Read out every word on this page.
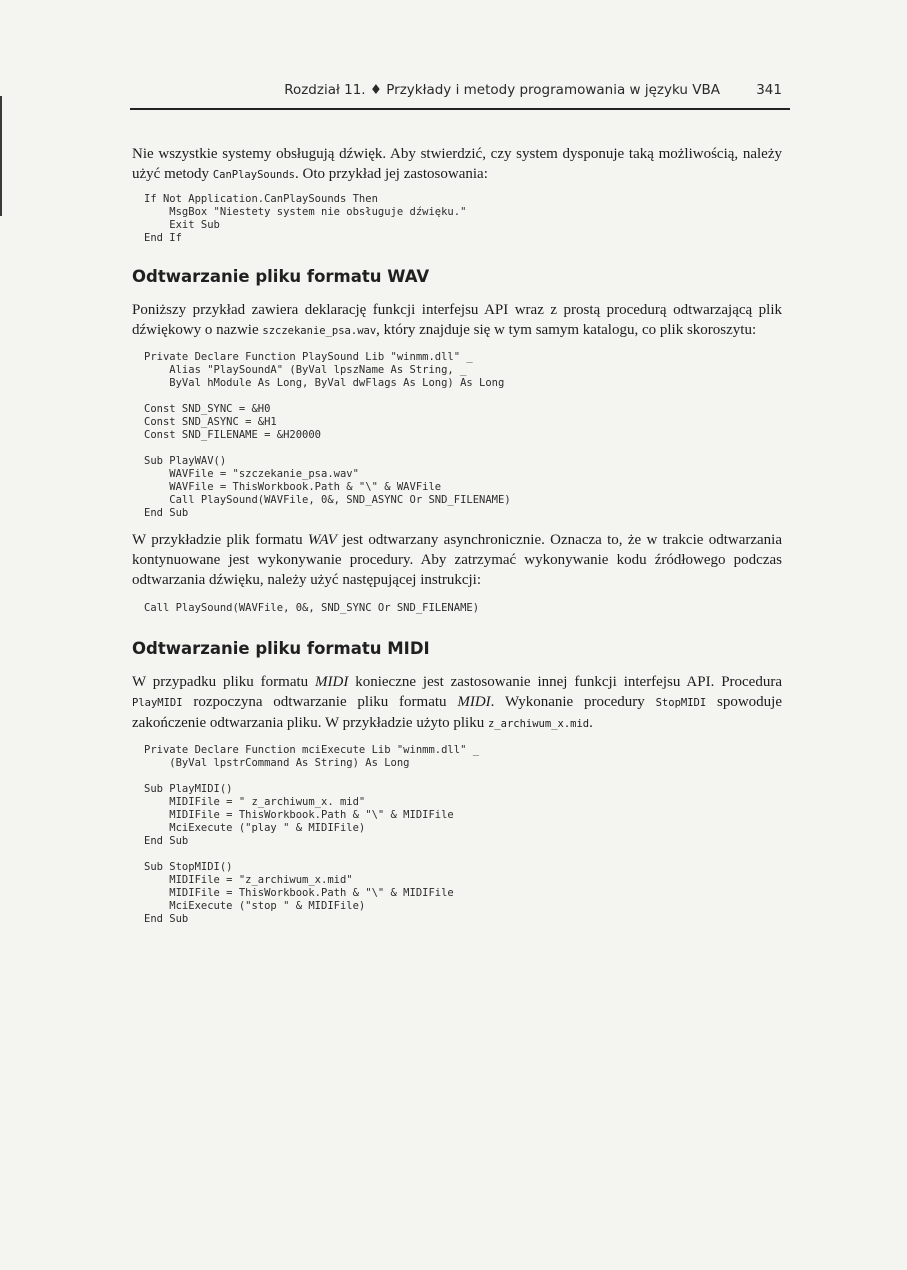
Rozdział 11. ♦ Przykłady i metody programowania w języku VBA	341

Nie wszystkie systemy obsługują dźwięk. Aby stwierdzić, czy system dysponuje taką możliwością, należy użyć metody CanPlaySounds. Oto przykład jej zastosowania:

If Not Application.CanPlaySounds Then
MsgBox "Niestety system nie obsługuje dźwięku."
Exit Sub
End If
Odtwarzanie pliku formatu WAV

Poniższy przykład zawiera deklarację funkcji interfejsu API wraz z prostą procedurą odtwarzającą plik dźwiękowy o nazwie szczekanie_psa.wav, który znajduje się w tym samym katalogu, co plik skoroszytu:

Private Declare Function PlaySound Lib "winmm.dll" _
Alias "PlaySoundA" (ByVal lpszName As String, _
ByVal hModule As Long, ByVal dwFlags As Long) As Long
Const SND_SYNC = &H0
Const SND_ASYNC = &H1
Const SND_FILENAME = &H20000
Sub PlayWAV()
WAVFile = "szczekanie_psa.wav"
WAVFile = ThisWorkbook.Path & "\" & WAVFile
Call PlaySound(WAVFile, 0&, SND_ASYNC Or SND_FILENAME)
End Sub

W przykładzie plik formatu WAV jest odtwarzany asynchronicznie. Oznacza to, że w trakcie odtwarzania kontynuowane jest wykonywanie procedury. Aby zatrzymać wykonywanie kodu źródłowego podczas odtwarzania dźwięku, należy użyć następującej instrukcji:

Call PlaySound(WAVFile, 0&, SND_SYNC Or SND_FILENAME)
Odtwarzanie pliku formatu MIDI

W przypadku pliku formatu MIDI konieczne jest zastosowanie innej funkcji interfejsu API. Procedura PlayMIDI rozpoczyna odtwarzanie pliku formatu MIDI. Wykonanie procedury StopMIDI spowoduje zakończenie odtwarzania pliku. W przykładzie użyto pliku z_archiwum_x.mid.

Private Declare Function mciExecute Lib "winmm.dll" _
(ByVal lpstrCommand As String) As Long
Sub PlayMIDI()
MIDIFile = " z_archiwum_x. mid"
MIDIFile = ThisWorkbook.Path & "\" & MIDIFile
MciExecute ("play " & MIDIFile)
End Sub
Sub StopMIDI()
MIDIFile = "z_archiwum_x.mid"
MIDIFile = ThisWorkbook.Path & "\" & MIDIFile
MciExecute ("stop " & MIDIFile)
End Sub
